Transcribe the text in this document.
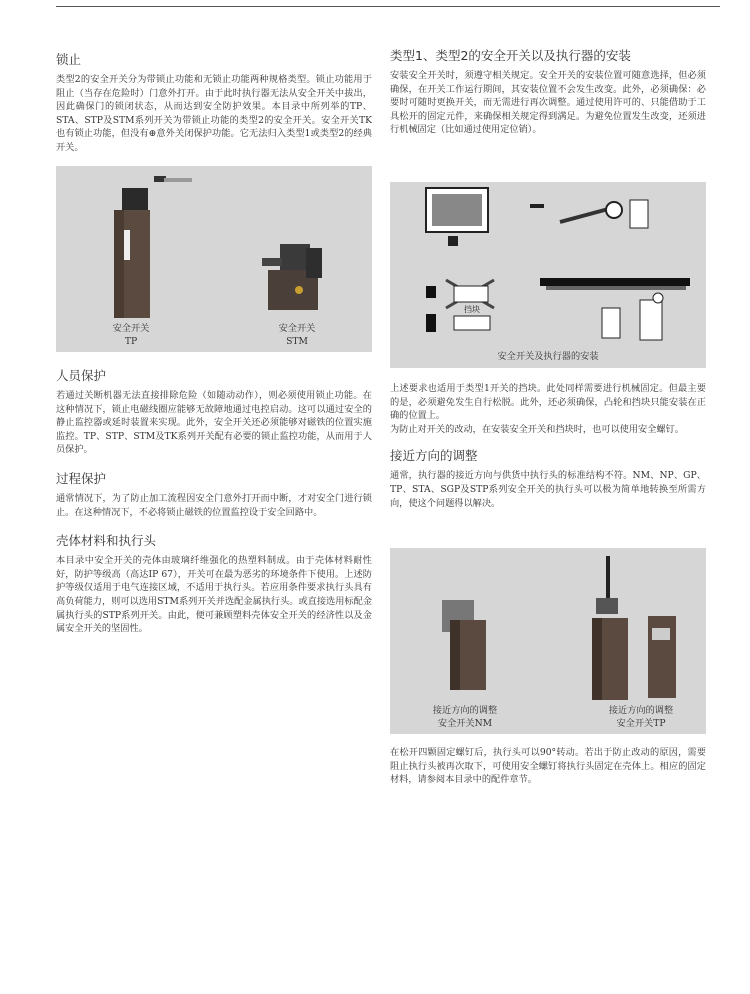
锁止

类型2的安全开关分为带锁止功能和无锁止功能两种规格类型。锁止功能用于阻止（当存在危险时）门意外打开。由于此时执行器无法从安全开关中拔出，因此确保门的锁闭状态，从而达到安全防护效果。本目录中所列举的TP、STA、STP及STM系列开关为带锁止功能的类型2的安全开关。安全开关TK也有锁止功能，但没有⊕意外关闭保护功能。它无法归入类型1或类型2的经典开关。

安全开关
TP
安全开关
STM
人员保护

若通过关断机器无法直接排除危险（如随动动作），则必须使用锁止功能。在这种情况下，锁止电磁线圈应能够无故障地通过电控启动。这可以通过安全的静止监控器或延时装置来实现。此外，安全开关还必须能够对磁铁的位置实施监控。TP、STP、STM及TK系列开关配有必要的锁止监控功能，从而用于人员保护。

过程保护

通常情况下，为了防止加工流程因安全门意外打开而中断，才对安全门进行锁止。在这种情况下，不必将锁止磁铁的位置监控设于安全回路中。

壳体材料和执行头

本目录中安全开关的壳体由玻璃纤维强化的热塑料制成。由于壳体材料耐性好，防护等级高（高达IP 67），开关可在最为恶劣的环境条件下使用。上述防护等级仅适用于电气连接区域，不适用于执行头。若应用条件要求执行头具有高负荷能力，则可以选用STM系列开关并选配金属执行头。或直接选用标配金属执行头的STP系列开关。由此，便可兼顾塑料壳体安全开关的经济性以及金属安全开关的坚固性。

类型1、类型2的安全开关以及执行器的安装

安装安全开关时，须遵守相关规定。安全开关的安装位置可随意选择，但必须确保，在开关工作运行期间，其安装位置不会发生改变。此外，必须确保：必要时可随时更换开关，而无需进行再次调整。通过使用许可的、只能借助于工具松开的固定元件，来确保相关规定得到满足。为避免位置发生改变，还须进行机械固定（比如通过使用定位销）。

挡块
安全开关及执行器的安装

上述要求也适用于类型1开关的挡块。此处同样需要进行机械固定。但最主要的是，必须避免发生自行松脱。此外，还必须确保，凸轮和挡块只能安装在正确的位置上。

为防止对开关的改动，在安装安全开关和挡块时，也可以使用安全螺钉。

接近方向的调整

通常，执行器的接近方向与供货中执行头的标准结构不符。NM、NP、GP、TP、STA、SGP及STP系列安全开关的执行头可以极为简单地转换至所需方向，使这个问题得以解决。

接近方向的调整
安全开关NM
接近方向的调整
安全开关TP

在松开四颗固定螺钉后，执行头可以90°转动。若出于防止改动的原因，需要阻止执行头被再次取下，可使用安全螺钉将执行头固定在壳体上。相应的固定材料，请参阅本目录中的配件章节。
